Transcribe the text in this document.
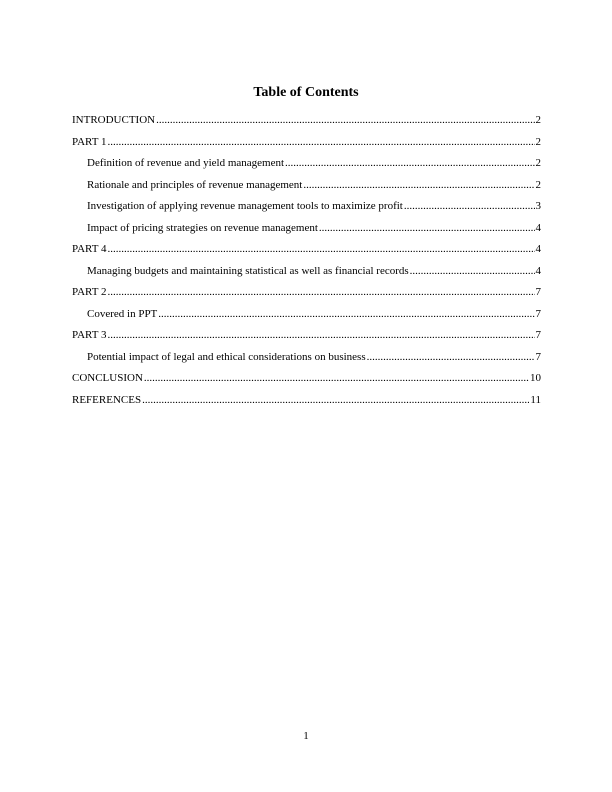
Table of Contents
INTRODUCTION .....	2
PART 1 .....	2
Definition of revenue and yield management .....	2
Rationale and principles of revenue management .....	2
Investigation of applying revenue management tools to maximize profit .....	3
Impact of pricing strategies on revenue management .....	4
PART 4 .....	4
Managing budgets and maintaining statistical as well as financial records .....	4
PART 2 .....	7
Covered in PPT .....	7
PART 3 .....	7
Potential impact of legal and ethical considerations on business .....	7
CONCLUSION .....	10
REFERENCES .....	11
1
